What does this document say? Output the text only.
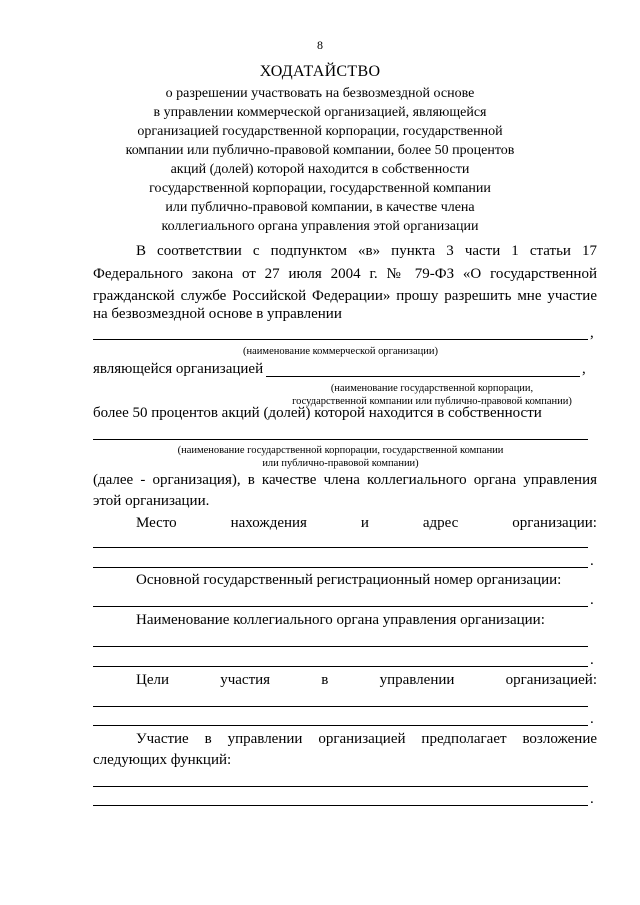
8
ХОДАТАЙСТВО
о разрешении участвовать на безвозмездной основе
в управлении коммерческой организацией, являющейся
организацией государственной корпорации, государственной
компании или публично-правовой компании, более 50 процентов
акций (долей) которой находится в собственности
государственной корпорации, государственной компании
или публично-правовой компании, в качестве члена
коллегиального органа управления этой организации
В соответствии с подпунктом «в» пункта 3 части 1 статьи 17
Федерального закона от 27 июля 2004 г. № 79-ФЗ «О государственной
гражданской службе Российской Федерации» прошу разрешить мне участие
на безвозмездной основе в управлении
,
(наименование коммерческой организации)
являющейся организацией	,
(наименование государственной корпорации,
государственной компании или публично-правовой компании)
более 50 процентов акций (долей) которой находится в собственности
(наименование государственной корпорации, государственной компании
или публично-правовой компании)
(далее - организация), в качестве члена коллегиального органа управления
этой организации.
Место	нахождения	и	адрес	организации:
.
Основной государственный регистрационный номер организации:
.
Наименование коллегиального органа управления организации:
.
Цели	участия	в	управлении	организацией:
.
Участие в управлении организацией предполагает возложение
следующих функций:
.
